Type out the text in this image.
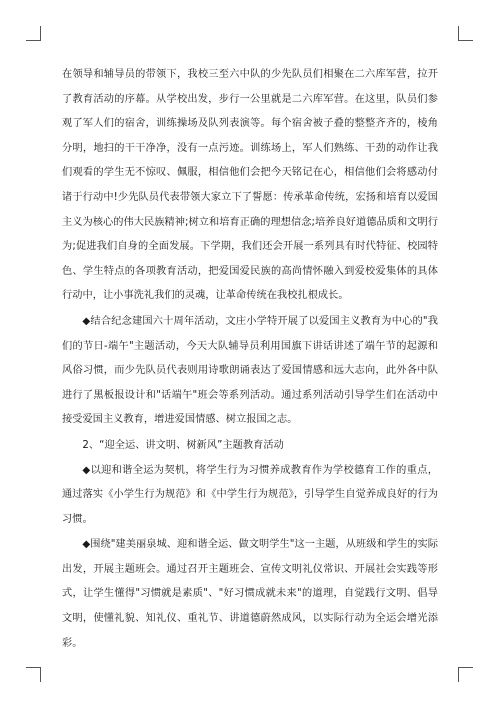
在领导和辅导员的带领下，我校三至六中队的少先队员们相聚在二六库军营，拉开了教育活动的序幕。从学校出发，步行一公里就是二六库军营。在这里，队员们参观了军人们的宿舍，训练操场及队列表演等。每个宿舍被子叠的整整齐齐的，棱角分明，地扫的干干净净，没有一点污迹。训练场上，军人们熟练、干劲的动作让我们观看的学生无不惊叹、佩服，相信他们会把今天铭记在心，相信他们会将感动付诸于行动中!少先队员代表带领大家立下了誓愿：传承革命传统，宏扬和培育以爱国主义为核心的伟大民族精神;树立和培育正确的理想信念;培养良好道德品质和文明行为;促进我们自身的全面发展。下学期，我们还会开展一系列具有时代特征、校园特色、学生特点的各项教育活动，把爱国爱民族的高尚情怀融入到爱校爱集体的具体行动中，让小事洗礼我们的灵魂，让革命传统在我校扎根成长。

◆结合纪念建国六十周年活动，文庄小学特开展了以爱国主义教育为中心的"我们的节日-端午"主题活动，今天大队辅导员利用国旗下讲话讲述了端午节的起源和风俗习惯，而少先队员代表则用诗歌朗诵表达了爱国情感和远大志向，此外各中队进行了黑板报设计和"话端午"班会等系列活动。通过系列活动引导学生们在活动中接受爱国主义教育，增进爱国情感、树立报国之志。

2、“迎全运、讲文明、树新风”主题教育活动

◆以迎和谐全运为契机，将学生行为习惯养成教育作为学校德育工作的重点，通过落实《小学生行为规范》和《中学生行为规范》，引导学生自觉养成良好的行为习惯。

◆围绕"建美丽泉城、迎和谐全运、做文明学生"这一主题，从班级和学生的实际出发，开展主题班会。通过召开主题班会、宣传文明礼仪常识、开展社会实践等形式，让学生懂得"习惯就是素质"、"好习惯成就未来"的道理，自觉践行文明、倡导文明，使懂礼貌、知礼仪、重礼节、讲道德蔚然成风，以实际行动为全运会增光添彩。
